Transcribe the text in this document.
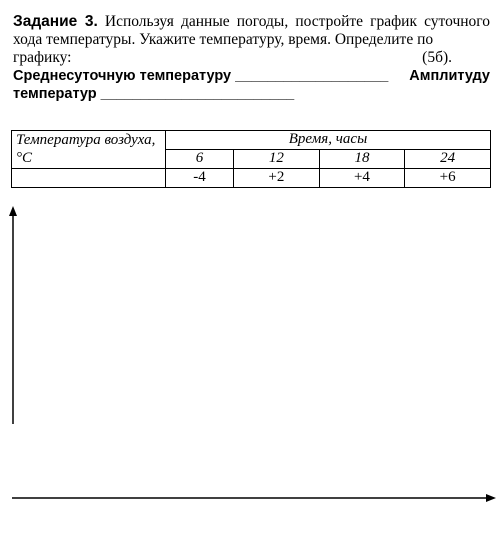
Задание 3. Используя данные погоды, постройте график суточного хода температуры. Укажите температуру, время. Определите по
графику:	(5б).
Среднесуточную температуру ___________________ Амплитуду
температур ________________________
Температура воздуха,°С	Время, часы			
	6	12	18	24
	-4	+2	+4	+6
